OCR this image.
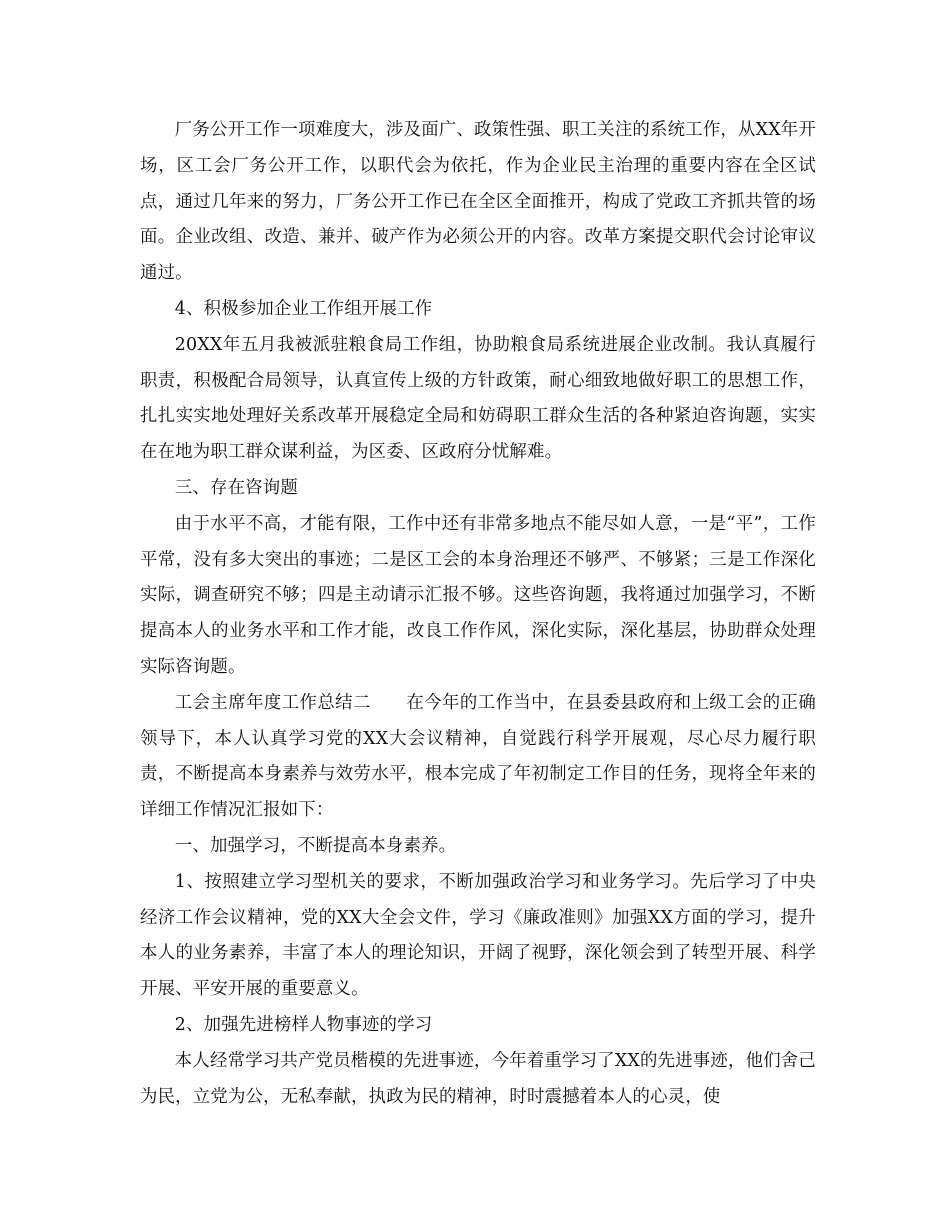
厂务公开工作一项难度大，涉及面广、政策性强、职工关注的系统工作，从XX年开场，区工会厂务公开工作，以职代会为依托，作为企业民主治理的重要内容在全区试点，通过几年来的努力，厂务公开工作已在全区全面推开，构成了党政工齐抓共管的场面。企业改组、改造、兼并、破产作为必须公开的内容。改革方案提交职代会讨论审议通过。

4、积极参加企业工作组开展工作

20XX年五月我被派驻粮食局工作组，协助粮食局系统进展企业改制。我认真履行职责，积极配合局领导，认真宣传上级的方针政策，耐心细致地做好职工的思想工作，扎扎实实地处理好关系改革开展稳定全局和妨碍职工群众生活的各种紧迫咨询题，实实在在地为职工群众谋利益，为区委、区政府分忧解难。

三、存在咨询题

由于水平不高，才能有限，工作中还有非常多地点不能尽如人意，一是“平”，工作平常，没有多大突出的事迹；二是区工会的本身治理还不够严、不够紧；三是工作深化实际，调查研究不够；四是主动请示汇报不够。这些咨询题，我将通过加强学习，不断提高本人的业务水平和工作才能，改良工作作风，深化实际，深化基层，协助群众处理实际咨询题。

工会主席年度工作总结二　　在今年的工作当中，在县委县政府和上级工会的正确领导下，本人认真学习党的XX大会议精神，自觉践行科学开展观，尽心尽力履行职责，不断提高本身素养与效劳水平，根本完成了年初制定工作目的任务，现将全年来的详细工作情况汇报如下：

一、加强学习，不断提高本身素养。

1、按照建立学习型机关的要求，不断加强政治学习和业务学习。先后学习了中央经济工作会议精神，党的XX大全会文件，学习《廉政准则》加强XX方面的学习，提升本人的业务素养，丰富了本人的理论知识，开阔了视野，深化领会到了转型开展、科学开展、平安开展的重要意义。

2、加强先进榜样人物事迹的学习

本人经常学习共产党员楷模的先进事迹，今年着重学习了XX的先进事迹，他们舍己为民，立党为公，无私奉献，执政为民的精神，时时震撼着本人的心灵，使
